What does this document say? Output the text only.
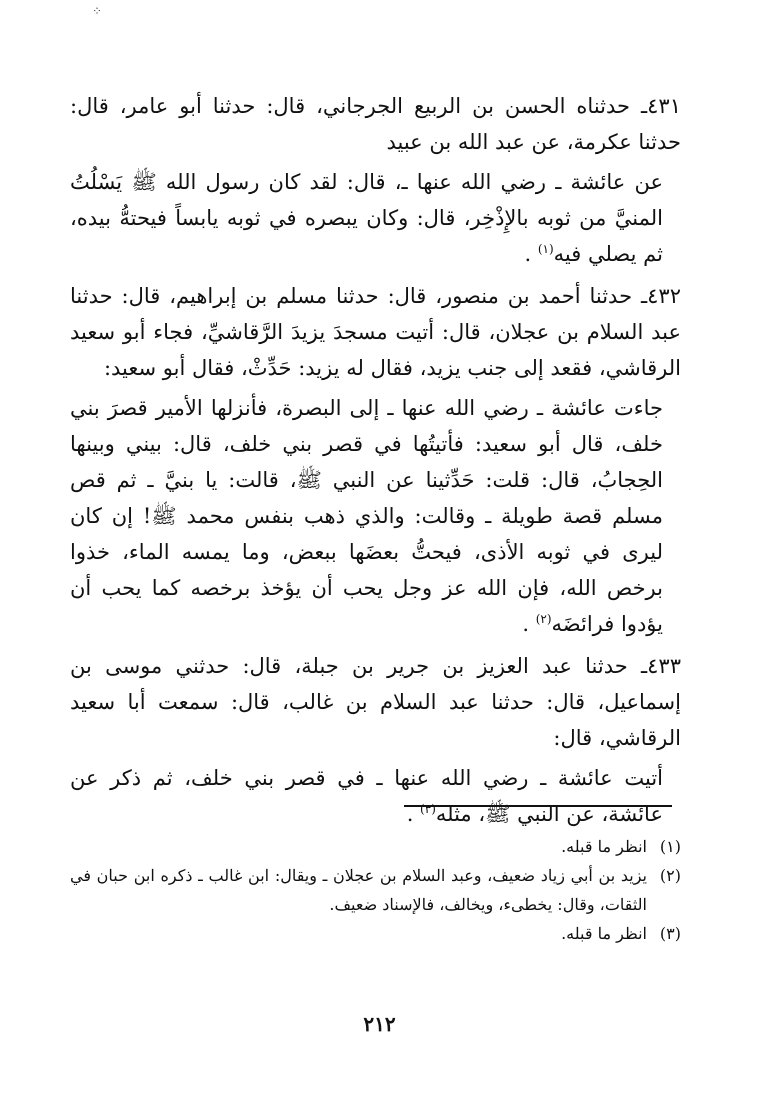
⁘

٤٣١ـ حدثناه الحسن بن الربيع الجرجاني، قال: حدثنا أبو عامر، قال: حدثنا عكرمة، عن عبد الله بن عبيد

عن عائشة ـ رضي الله عنها ـ، قال: لقد كان رسول الله ﷺ يَسْلُتُ المنيَّ من ثوبه بالإِذْخِر، قال: وكان يبصره في ثوبه يابساً فيحتهُّ بيده، ثم يصلي فيه$^{(١)}$ .

٤٣٢ـ حدثنا أحمد بن منصور، قال: حدثنا مسلم بن إبراهيم، قال: حدثنا عبد السلام بن عجلان، قال: أتيت مسجدَ يزيدَ الرَّقاشيِّ، فجاء أبو سعيد الرقاشي، فقعد إلى جنب يزيد، فقال له يزيد: حَدِّثْ، فقال أبو سعيد:

جاءت عائشة ـ رضي الله عنها ـ إلى البصرة، فأنزلها الأمير قصرَ بني خلف، قال أبو سعيد: فأتيتُها في قصر بني خلف، قال: بيني وبينها الحِجابُ، قال: قلت: حَدِّثينا عن النبي ﷺ، قالت: يا بنيَّ ـ ثم قص مسلم قصة طويلة ـ وقالت: والذي ذهب بنفس محمد ﷺ! إن كان ليرى في ثوبه الأذى، فيحتُّ بعضَها ببعض، وما يمسه الماء، خذوا برخص الله، فإن الله عز وجل يحب أن يؤخذ برخصه كما يحب أن يؤدوا فرائضَه$^{(٢)}$ .

٤٣٣ـ حدثنا عبد العزيز بن جرير بن جبلة، قال: حدثني موسى بن إسماعيل، قال: حدثنا عبد السلام بن غالب، قال: سمعت أبا سعيد الرقاشي، قال:

أتيت عائشة ـ رضي الله عنها ـ في قصر بني خلف، ثم ذكر عن عائشة، عن النبي ﷺ، مثله$^{(٣)}$ .

(١)
انظر ما قبله.
(٢)
يزيد بن أبي زياد ضعيف، وعبد السلام بن عجلان ـ ويقال: ابن غالب ـ ذكره ابن حبان في الثقات، وقال: يخطىء، ويخالف، فالإسناد ضعيف.
(٣)
انظر ما قبله.
٢١٢
